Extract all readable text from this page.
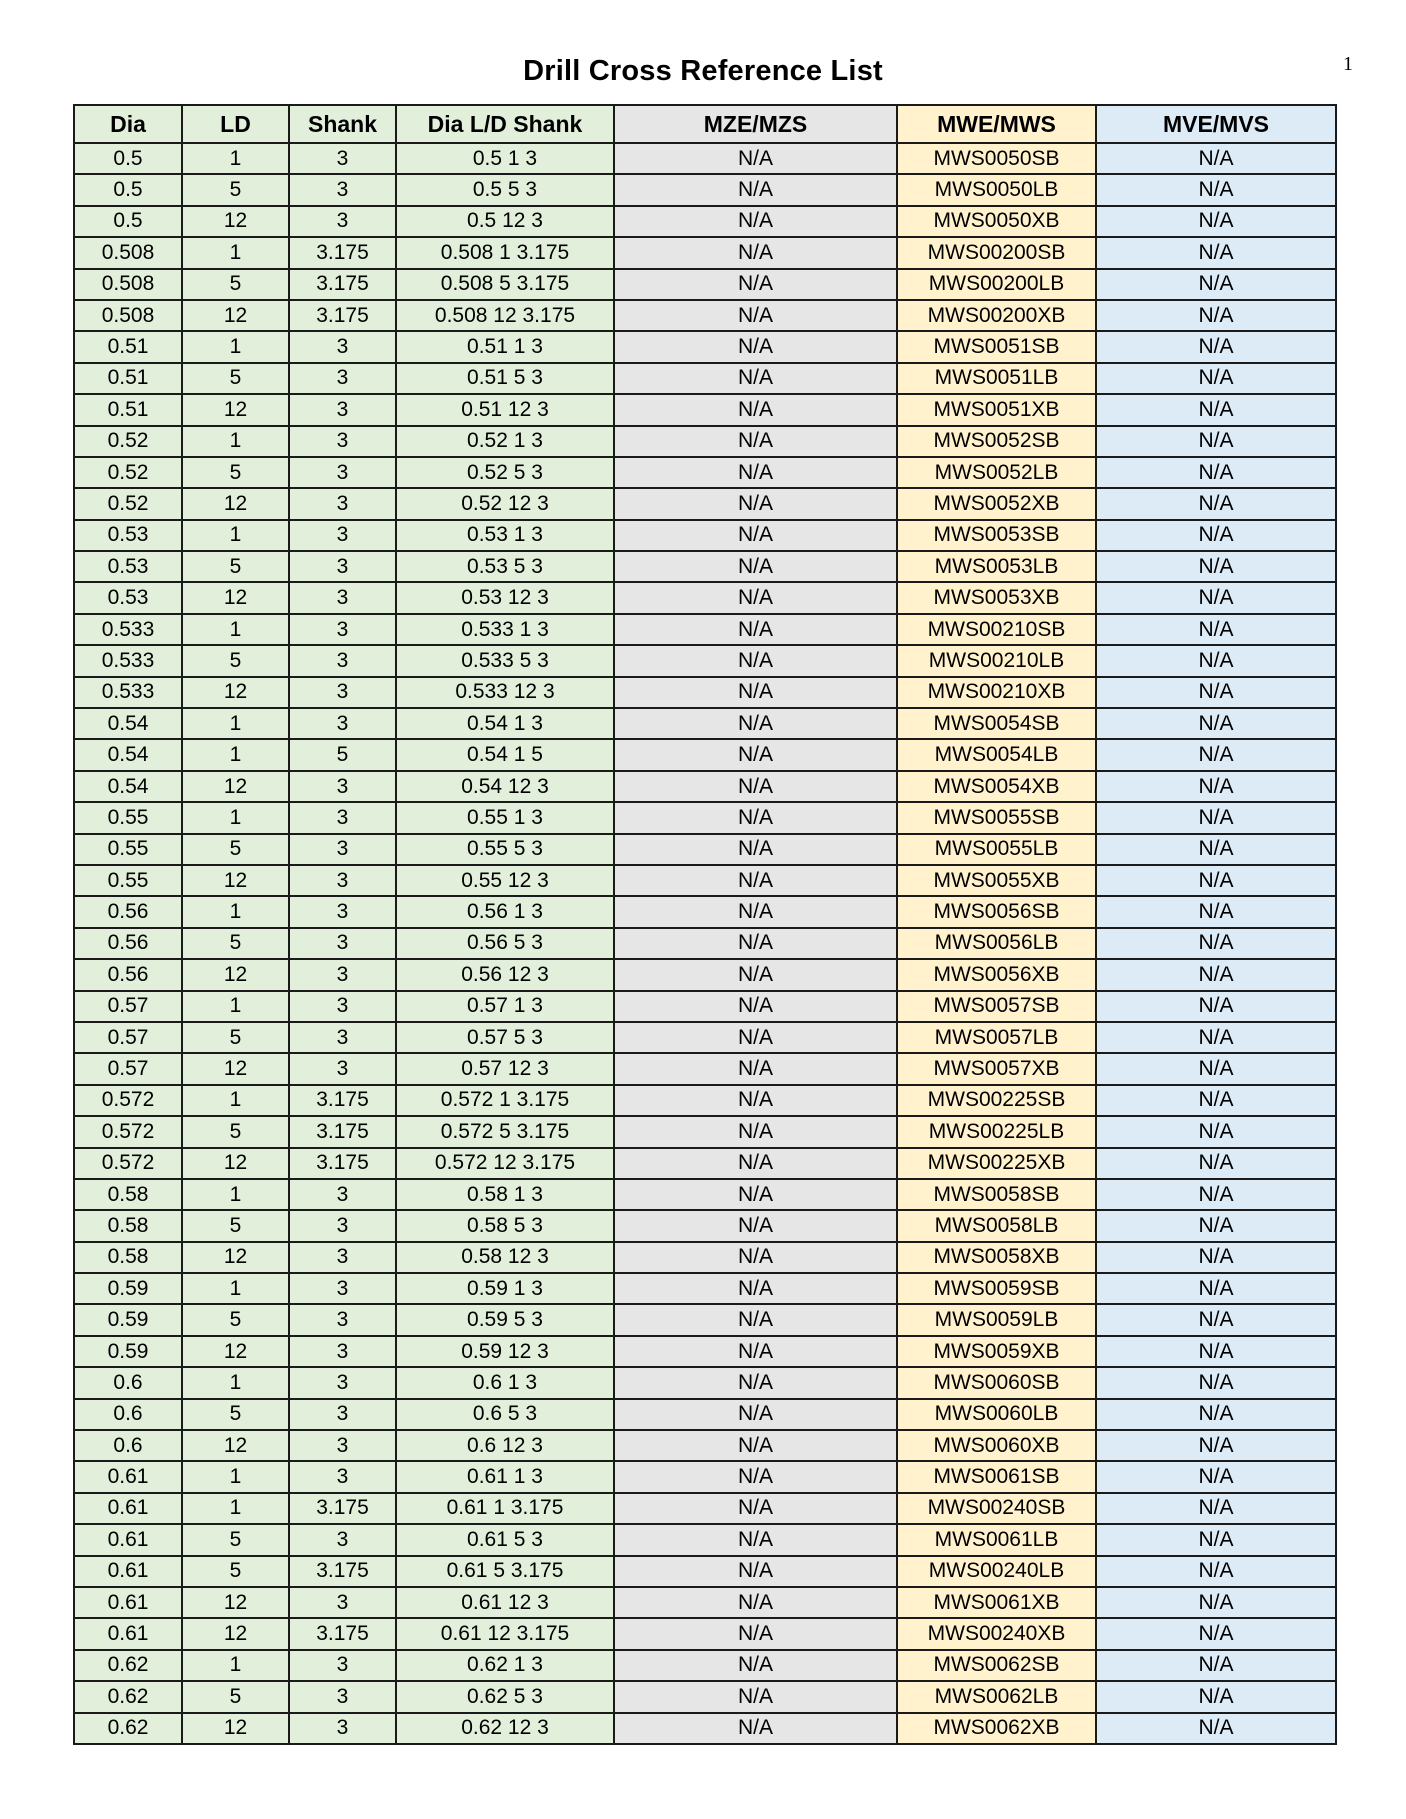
Drill Cross Reference List	1
Dia	LD	Shank	Dia L/D Shank	MZE/MZS	MWE/MWS	MVE/MVS
0.5	1	3	0.5 1 3	N/A	MWS0050SB	N/A
0.5	5	3	0.5 5 3	N/A	MWS0050LB	N/A
0.5	12	3	0.5 12 3	N/A	MWS0050XB	N/A
0.508	1	3.175	0.508 1 3.175	N/A	MWS00200SB	N/A
0.508	5	3.175	0.508 5 3.175	N/A	MWS00200LB	N/A
0.508	12	3.175	0.508 12 3.175	N/A	MWS00200XB	N/A
0.51	1	3	0.51 1 3	N/A	MWS0051SB	N/A
0.51	5	3	0.51 5 3	N/A	MWS0051LB	N/A
0.51	12	3	0.51 12 3	N/A	MWS0051XB	N/A
0.52	1	3	0.52 1 3	N/A	MWS0052SB	N/A
0.52	5	3	0.52 5 3	N/A	MWS0052LB	N/A
0.52	12	3	0.52 12 3	N/A	MWS0052XB	N/A
0.53	1	3	0.53 1 3	N/A	MWS0053SB	N/A
0.53	5	3	0.53 5 3	N/A	MWS0053LB	N/A
0.53	12	3	0.53 12 3	N/A	MWS0053XB	N/A
0.533	1	3	0.533 1 3	N/A	MWS00210SB	N/A
0.533	5	3	0.533 5 3	N/A	MWS00210LB	N/A
0.533	12	3	0.533 12 3	N/A	MWS00210XB	N/A
0.54	1	3	0.54 1 3	N/A	MWS0054SB	N/A
0.54	1	5	0.54 1 5	N/A	MWS0054LB	N/A
0.54	12	3	0.54 12 3	N/A	MWS0054XB	N/A
0.55	1	3	0.55 1 3	N/A	MWS0055SB	N/A
0.55	5	3	0.55 5 3	N/A	MWS0055LB	N/A
0.55	12	3	0.55 12 3	N/A	MWS0055XB	N/A
0.56	1	3	0.56 1 3	N/A	MWS0056SB	N/A
0.56	5	3	0.56 5 3	N/A	MWS0056LB	N/A
0.56	12	3	0.56 12 3	N/A	MWS0056XB	N/A
0.57	1	3	0.57 1 3	N/A	MWS0057SB	N/A
0.57	5	3	0.57 5 3	N/A	MWS0057LB	N/A
0.57	12	3	0.57 12 3	N/A	MWS0057XB	N/A
0.572	1	3.175	0.572 1 3.175	N/A	MWS00225SB	N/A
0.572	5	3.175	0.572 5 3.175	N/A	MWS00225LB	N/A
0.572	12	3.175	0.572 12 3.175	N/A	MWS00225XB	N/A
0.58	1	3	0.58 1 3	N/A	MWS0058SB	N/A
0.58	5	3	0.58 5 3	N/A	MWS0058LB	N/A
0.58	12	3	0.58 12 3	N/A	MWS0058XB	N/A
0.59	1	3	0.59 1 3	N/A	MWS0059SB	N/A
0.59	5	3	0.59 5 3	N/A	MWS0059LB	N/A
0.59	12	3	0.59 12 3	N/A	MWS0059XB	N/A
0.6	1	3	0.6 1 3	N/A	MWS0060SB	N/A
0.6	5	3	0.6 5 3	N/A	MWS0060LB	N/A
0.6	12	3	0.6 12 3	N/A	MWS0060XB	N/A
0.61	1	3	0.61 1 3	N/A	MWS0061SB	N/A
0.61	1	3.175	0.61 1 3.175	N/A	MWS00240SB	N/A
0.61	5	3	0.61 5 3	N/A	MWS0061LB	N/A
0.61	5	3.175	0.61 5 3.175	N/A	MWS00240LB	N/A
0.61	12	3	0.61 12 3	N/A	MWS0061XB	N/A
0.61	12	3.175	0.61 12 3.175	N/A	MWS00240XB	N/A
0.62	1	3	0.62 1 3	N/A	MWS0062SB	N/A
0.62	5	3	0.62 5 3	N/A	MWS0062LB	N/A
0.62	12	3	0.62 12 3	N/A	MWS0062XB	N/A
